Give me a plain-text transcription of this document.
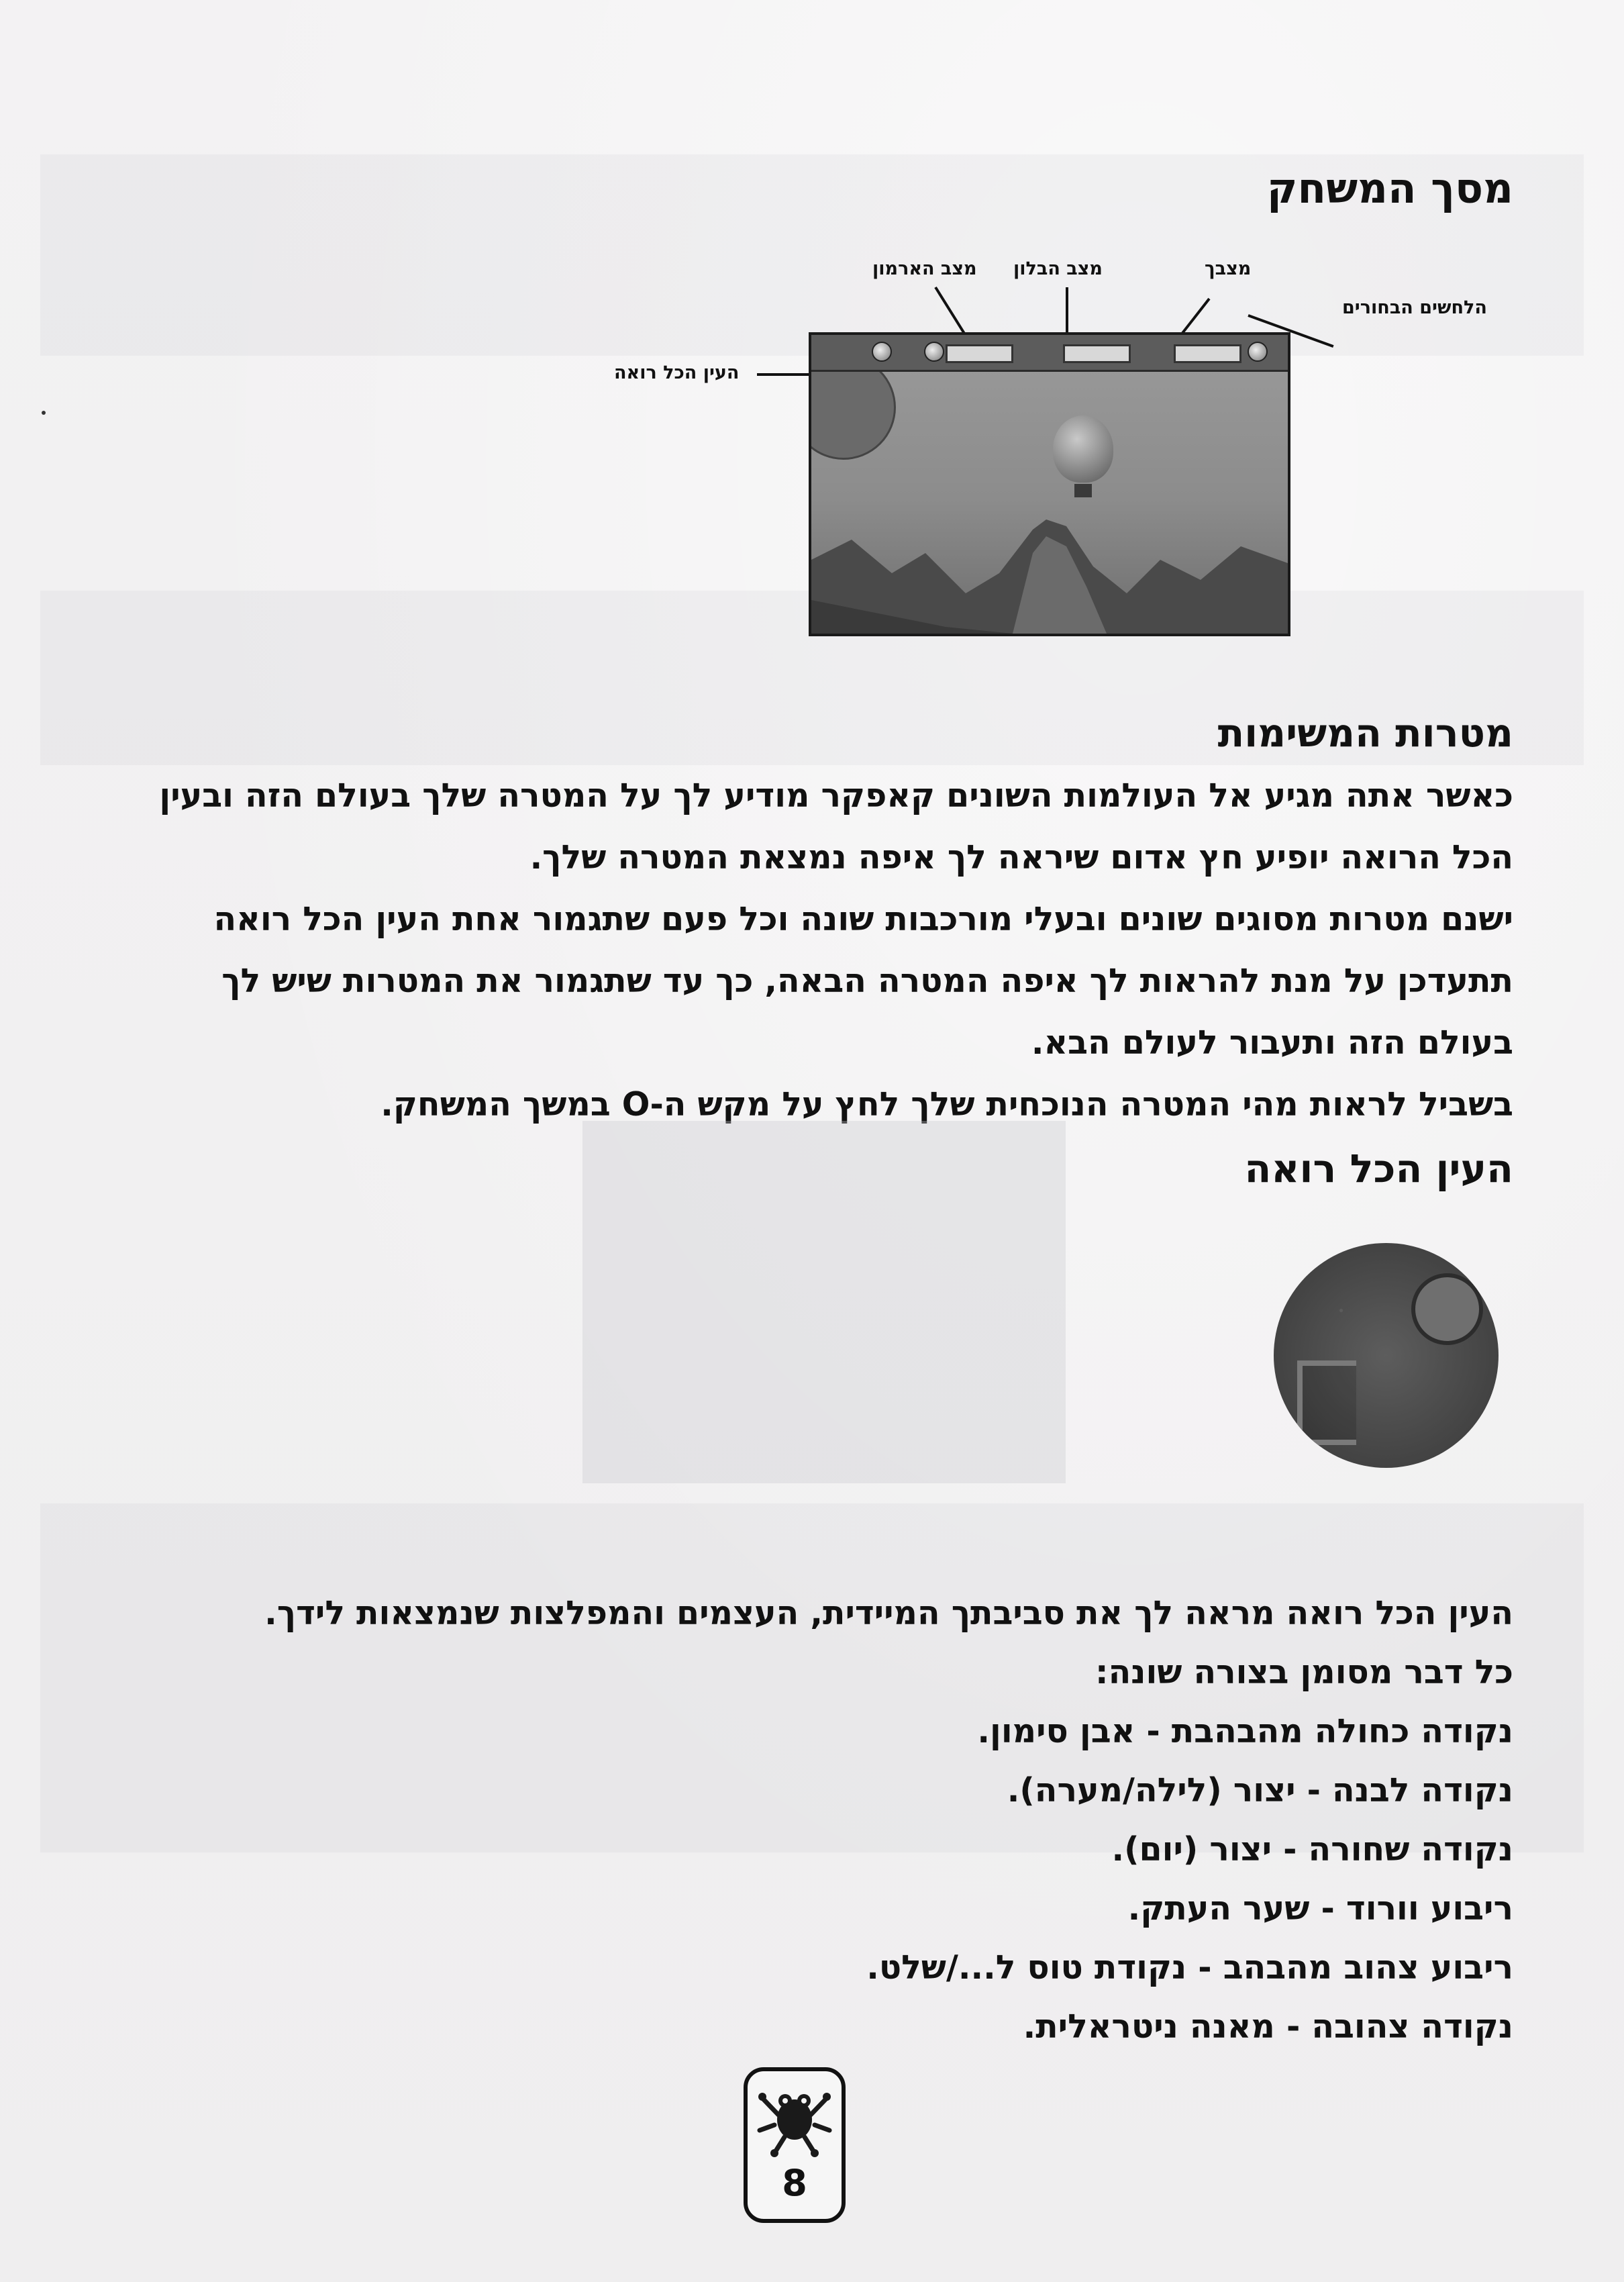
מסך המשחק
הלחשים הבחורים
מצבך
מצב הבלון
מצב הארמון
העין הכל רואה
מטרות המשימות

כאשר אתה מגיע אל העולמות השונים קאפקר מודיע לך על המטרה שלך בעולם הזה ובעין

הכל הרואה יופיע חץ אדום שיראה לך איפה נמצאת המטרה שלך.

ישנם מטרות מסוגים שונים ובעלי מורכבות שונה וכל פעם שתגמור אחת העין הכל רואה

תתעדכן על מנת להראות לך איפה המטרה הבאה, כך עד שתגמור את המטרות שיש לך

בעולם הזה ותעבור לעולם הבא.

בשביל לראות מהי המטרה הנוכחית שלך לחץ על מקש ה-O במשך המשחק.

העין הכל רואה
העין הכל רואה מראה לך את סביבתך המיידית, העצמים והמפלצות שנמצאות לידך.
כל דבר מסומן בצורה שונה:
נקודה כחולה מהבהבת - אבן סימון.
נקודה לבנה - יצור (לילה/מערה).
נקודה שחורה - יצור (יום).
ריבוע וורוד - שער העתק.
ריבוע צהוב מהבהב - נקודת טוס ל.../שלט.
נקודה צהובה - מאנה ניטראלית.
8
